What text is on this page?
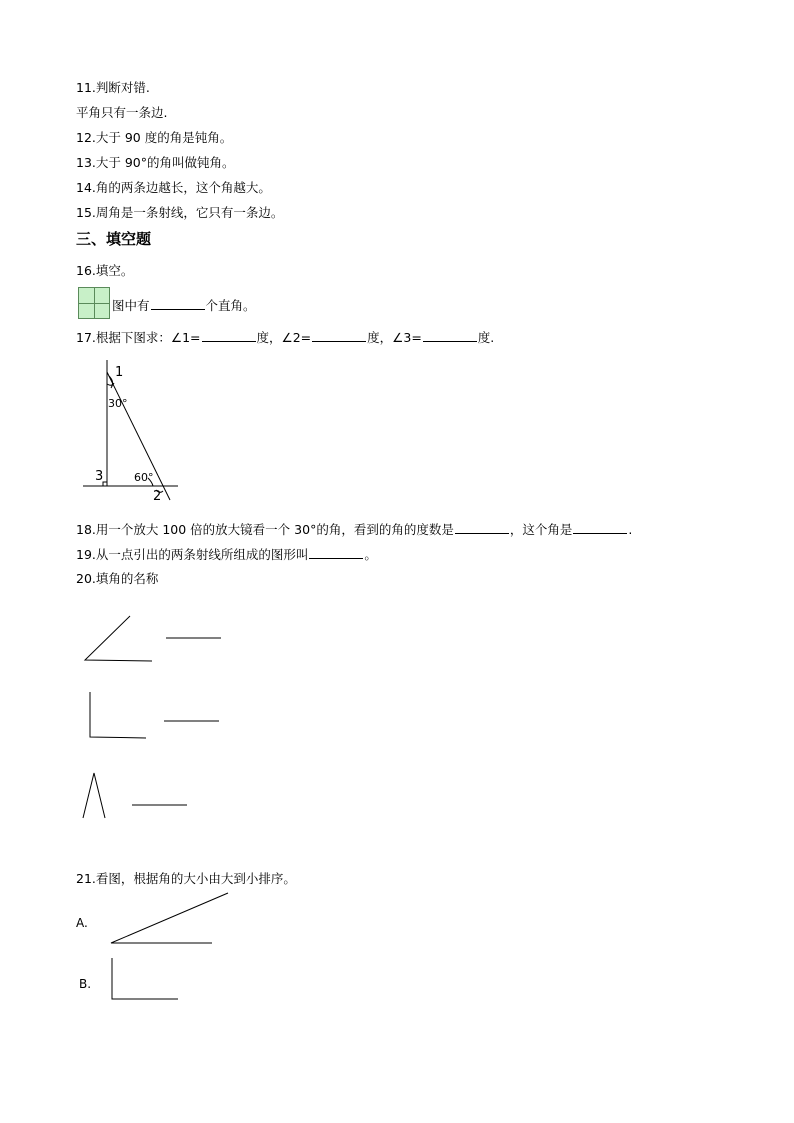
11.判断对错.
平角只有一条边.
12.大于 90 度的角是钝角。
13.大于 90°的角叫做钝角。
14.角的两条边越长，这个角越大。
15.周角是一条射线，它只有一条边。
三、填空题
16.填空。
图中有	个直角。
17.根据下图求：∠1=	度，∠2=	度，∠3=	度.
1
30°
60°
3
2
18.用一个放大 100 倍的放大镜看一个 30°的角，看到的角的度数是	，这个角是	.
19.从一点引出的两条射线所组成的图形叫	。
20.填角的名称
21.看图，根据角的大小由大到小排序。
A.
B.
